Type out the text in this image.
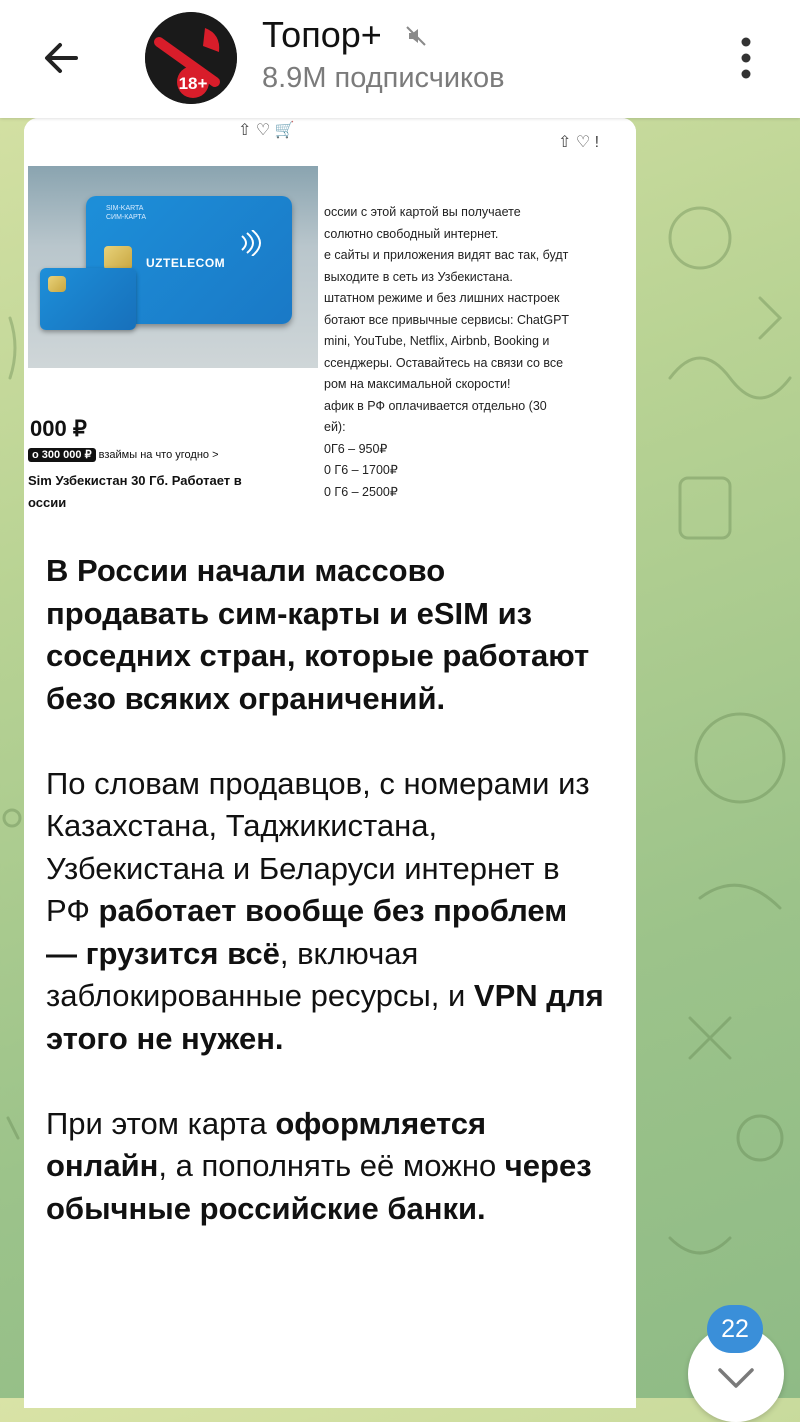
18+
Топор+
8.9M подписчиков
⇧ ♡ 🛒
SIM-KARTA
СИМ-КАРТА
UZTELECOM
000 ₽
о 300 000 ₽ взаймы на что угодно >
Sim Узбекистан 30 Гб. Работает в
оссии
⇧ ♡ !
оссии с этой картой вы получаете
солютно свободный интернет.
е сайты и приложения видят вас так, будт
выходите в сеть из Узбекистана.
штатном режиме и без лишних настроек
ботают все привычные сервисы: ChatGPT
mini, YouTube, Netflix, Airbnb, Booking и
ссенджеры. Оставайтесь на связи со все
ром на максимальной скорости!
афик в РФ оплачивается отдельно (30
ей):
0Г6 – 950₽
0 Г6 – 1700₽
0 Г6 – 2500₽

В России начали массово продавать сим-карты и eSIM из соседних стран, которые работают безо всяких ограничений.

По словам продавцов, с номерами из Казахстана, Таджикистана, Узбекистана и Беларуси интернет в РФ работает вообще без проблем — грузится всё, включая заблокированные ресурсы, и VPN для этого не нужен.

При этом карта оформляется онлайн, а пополнять её можно через обычные российские банки.

22
